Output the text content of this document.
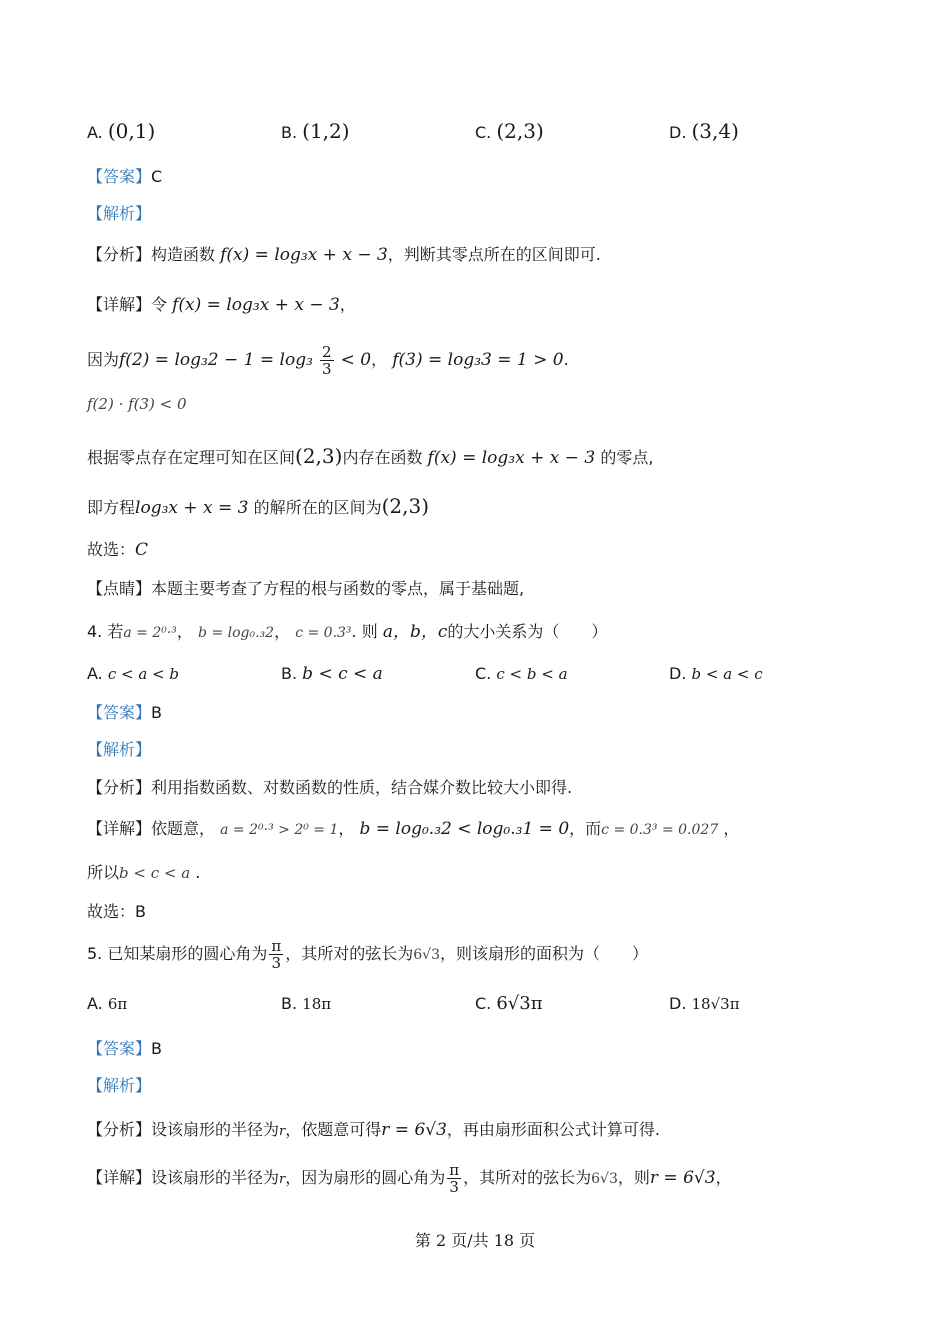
A. (0,1)	B. (1,2)	C. (2,3)	D. (3,4)
【答案】C
【解析】
【分析】构造函数 f(x) = log₃x + x − 3，判断其零点所在的区间即可.
【详解】令 f(x) = log₃x + x − 3，
因为$f(2) = \log_32 - 1 = \log_3 \frac{2}{3} < 0$， f(3) = log₃3 = 1 > 0.
f(2) · f(3) < 0
根据零点存在定理可知在区间(2,3)内存在函数 f(x) = log₃x + x − 3 的零点,
即方程log₃x + x = 3 的解所在的区间为(2,3)
故选：C
【点睛】本题主要考查了方程的根与函数的零点，属于基础题,
4. 若a = 2⁰·³， b = log₀.₃2， c = 0.3³. 则 a，b，c的大小关系为（　　）
A. c < a < b	B. b < c < a	C. c < b < a	D. b < a < c
【答案】B
【解析】
【分析】利用指数函数、对数函数的性质，结合媒介数比较大小即得.
【详解】依题意， a = 2⁰·³ > 2⁰ = 1， b = log₀.₃2 < log₀.₃1 = 0，而c = 0.3³ = 0.027 ，
所以b < c < a .
故选：B
5. 已知某扇形的圆心角为 $\frac{\pi}{3}$ ，其所对的弦长为6√3，则该扇形的面积为（　　）
A. 6π	B. 18π	C. 6√3π	D. 18√3π
【答案】B
【解析】
【分析】设该扇形的半径为r，依题意可得r = 6√3，再由扇形面积公式计算可得.
【详解】设该扇形的半径为r，因为扇形的圆心角为 $\frac{\pi}{3}$ ，其所对的弦长为6√3，则r = 6√3，
第 2 页/共 18 页
